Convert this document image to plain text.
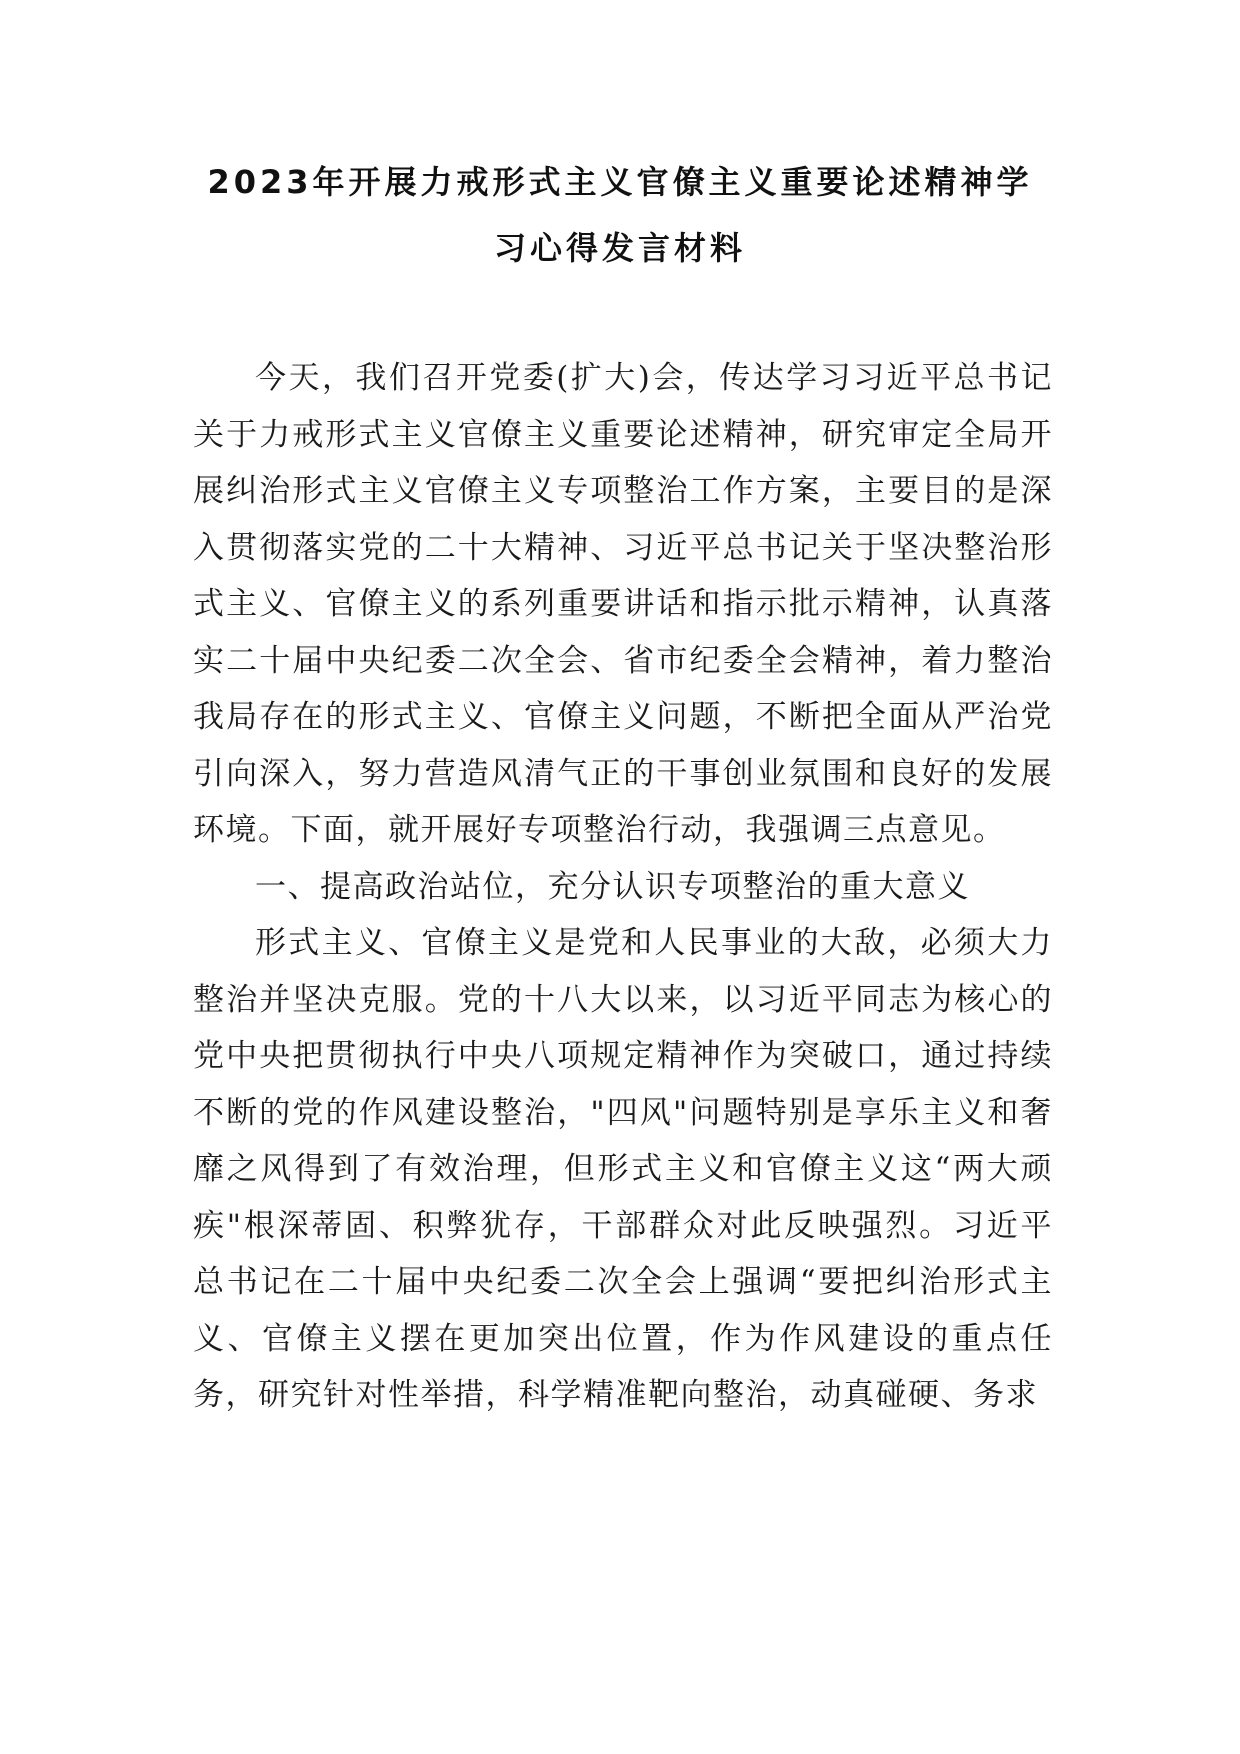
2023年开展力戒形式主义官僚主义重要论述精神学
习心得发言材料

今天，我们召开党委(扩大)会，传达学习习近平总书记关于力戒形式主义官僚主义重要论述精神，研究审定全局开展纠治形式主义官僚主义专项整治工作方案，主要目的是深入贯彻落实党的二十大精神、习近平总书记关于坚决整治形式主义、官僚主义的系列重要讲话和指示批示精神，认真落实二十届中央纪委二次全会、省市纪委全会精神，着力整治我局存在的形式主义、官僚主义问题，不断把全面从严治党引向深入，努力营造风清气正的干事创业氛围和良好的发展环境。下面，就开展好专项整治行动，我强调三点意见。

一、提高政治站位，充分认识专项整治的重大意义

形式主义、官僚主义是党和人民事业的大敌，必须大力整治并坚决克服。党的十八大以来，以习近平同志为核心的党中央把贯彻执行中央八项规定精神作为突破口，通过持续不断的党的作风建设整治，"四风"问题特别是享乐主义和奢靡之风得到了有效治理，但形式主义和官僚主义这“两大顽疾"根深蒂固、积弊犹存，干部群众对此反映强烈。习近平总书记在二十届中央纪委二次全会上强调“要把纠治形式主义、官僚主义摆在更加突出位置，作为作风建设的重点任务，研究针对性举措，科学精准靶向整治，动真碰硬、务求
